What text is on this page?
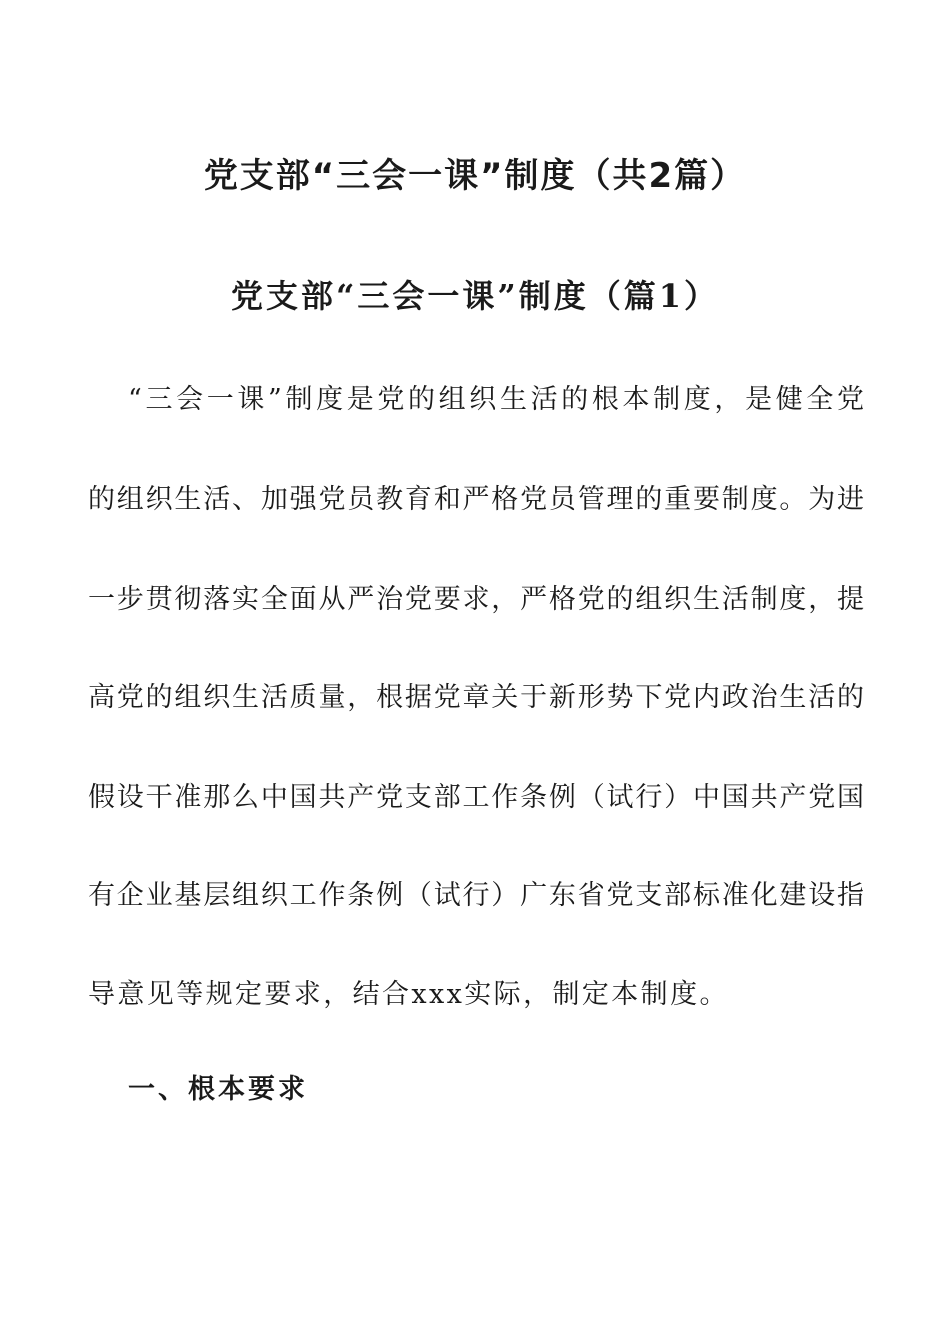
党支部“三会一课”制度（共2篇）
党支部“三会一课”制度（篇1）
“三会一课”制度是党的组织生活的根本制度，是健全党
的组织生活、加强党员教育和严格党员管理的重要制度。为进
一步贯彻落实全面从严治党要求，严格党的组织生活制度，提
高党的组织生活质量，根据党章关于新形势下党内政治生活的
假设干准那么中国共产党支部工作条例（试行）中国共产党国
有企业基层组织工作条例（试行）广东省党支部标准化建设指
导意见等规定要求，结合xxx实际，制定本制度。
一、根本要求
